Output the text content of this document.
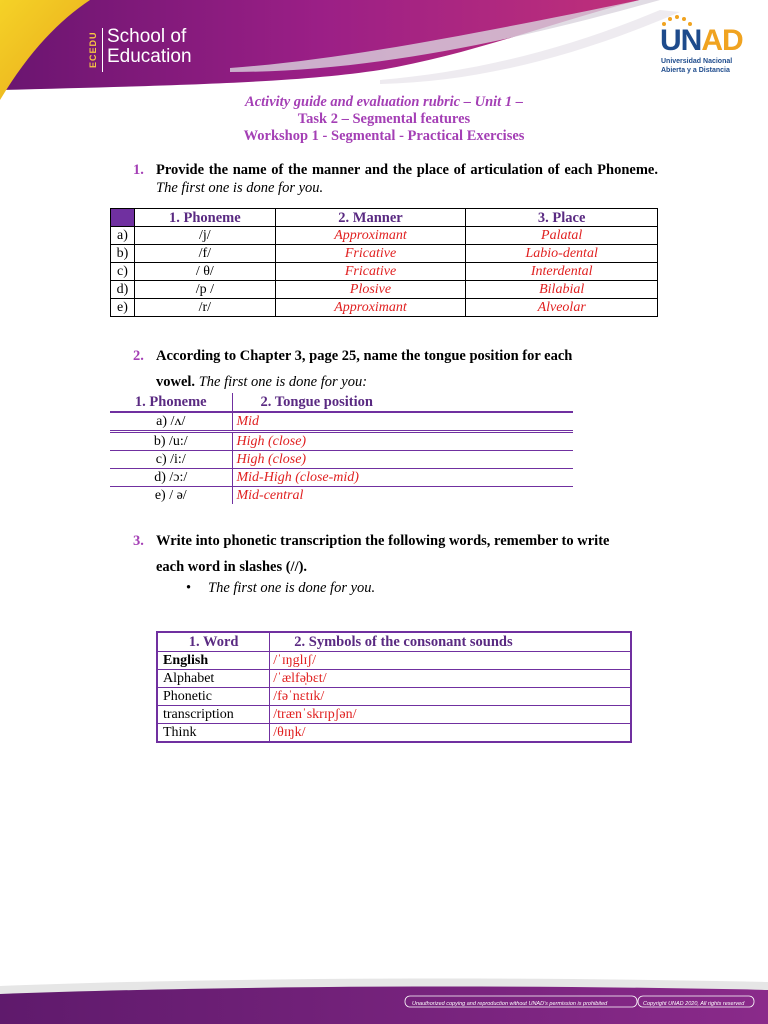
ECEDU School of
Education	UNAD
Universidad Nacional
Abierta y a Distancia
Activity guide and evaluation rubric – Unit 1 –
Task 2 – Segmental features
Workshop 1 - Segmental - Practical Exercises
1. Provide the name of the manner and the place of articulation of each Phoneme. The first one is done for you.
	1. Phoneme	2. Manner	3. Place
a)	/j/	Approximant	Palatal
b)	/f/	Fricative	Labio-dental
c)	/ θ/	Fricative	Interdental
d)	/p /	Plosive	Bilabial
e)	/r/	Approximant	Alveolar
2. According to Chapter 3, page 25, name the tongue position for each
vowel. The first one is done for you:
1. Phoneme	2. Tongue position
a) /ʌ/	Mid
b) /u:/	High (close)
c) /i:/	High (close)
d) /ɔ:/	Mid-High (close-mid)
e) / ə/	Mid-central
3. Write into phonetic transcription the following words, remember to write
each word in slashes (//).
• The first one is done for you.
1. Word	2. Symbols of the consonant sounds
English	/ˈɪŋglɪʃ/
Alphabet	/ˈælfə̩bɛt/
Phonetic	/fəˈnɛtɪk/
transcription	/trænˈskrɪpʃən/
Think	/θɪŋk/
Unauthorized copying and reproduction without UNAD's permission is prohibited	Copyright UNAD 2020, All rights reserved
